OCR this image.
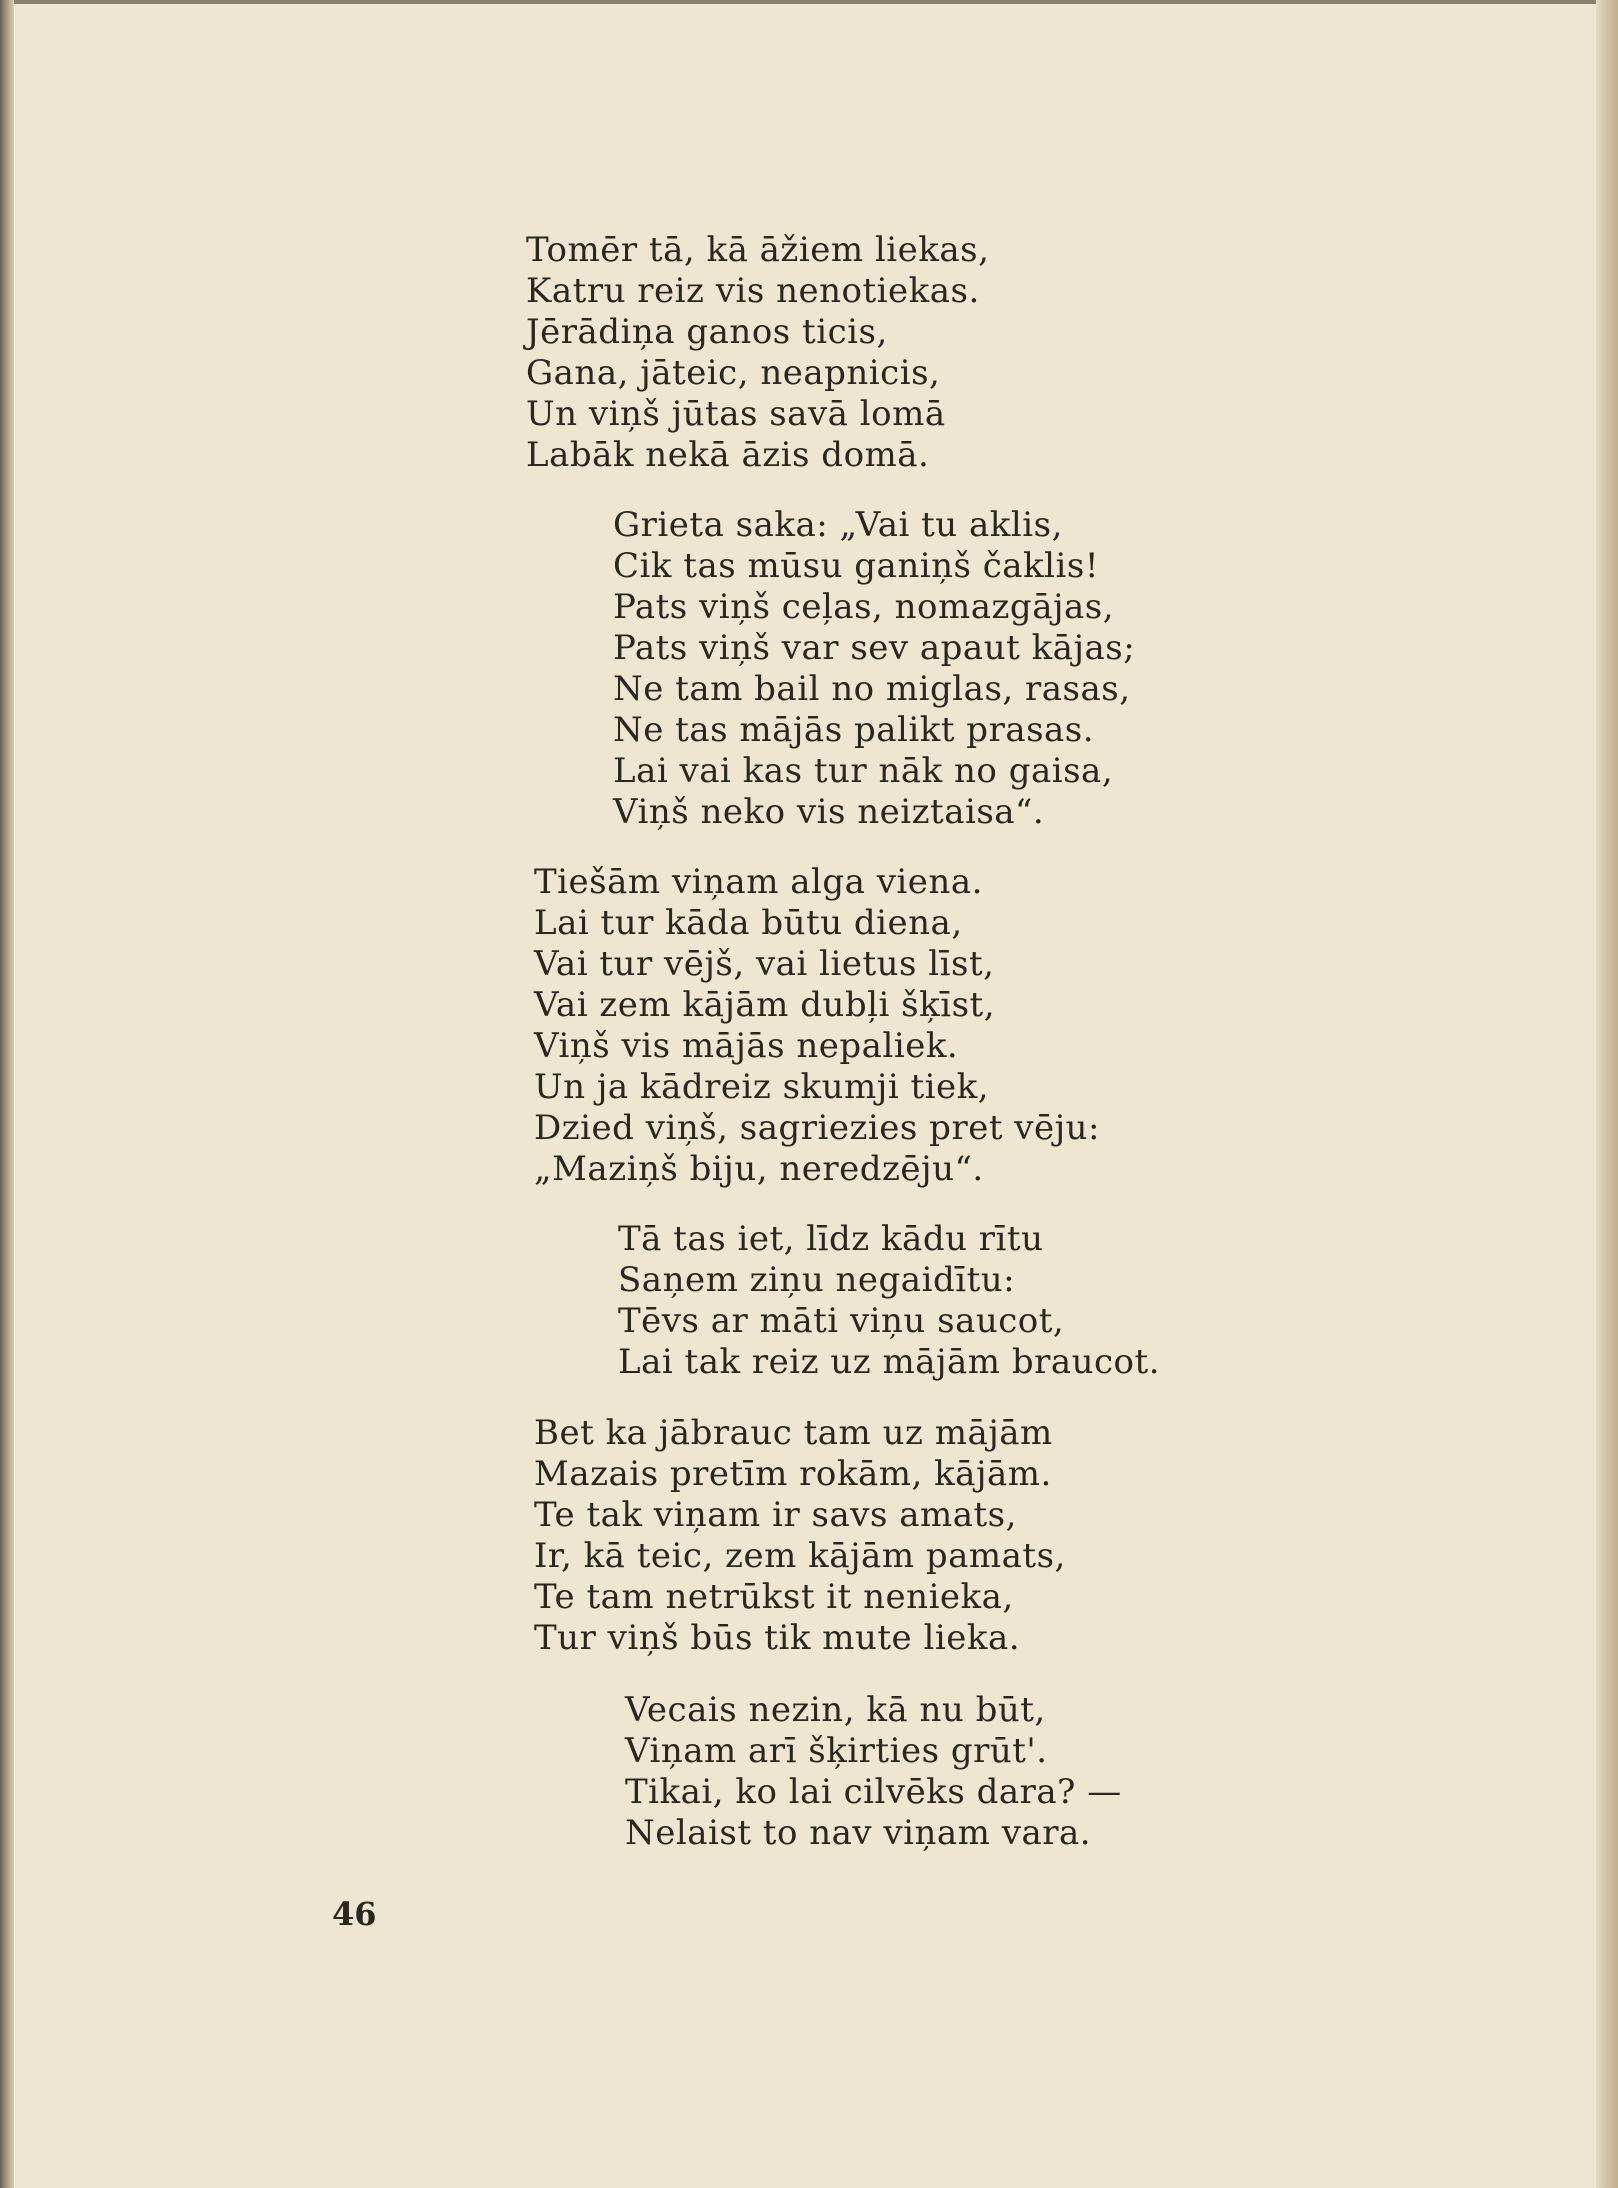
Tomēr tā, kā āžiem liekas,
Katru reiz vis nenotiekas.
Jērādiņa ganos ticis,
Gana, jāteic, neapnicis,
Un viņš jūtas savā lomā
Labāk nekā āzis domā.
Grieta saka: „Vai tu aklis,
Cik tas mūsu ganiņš čaklis!
Pats viņš ceļas, nomazgājas,
Pats viņš var sev apaut kājas;
Ne tam bail no miglas, rasas,
Ne tas mājās palikt prasas.
Lai vai kas tur nāk no gaisa,
Viņš neko vis neiztaisa“.
Tiešām viņam alga viena.
Lai tur kāda būtu diena,
Vai tur vējš, vai lietus līst,
Vai zem kājām dubļi šķīst,
Viņš vis mājās nepaliek.
Un ja kādreiz skumji tiek,
Dzied viņš, sagriezies pret vēju:
„Maziņš biju, neredzēju“.
Tā tas iet, līdz kādu rītu
Saņem ziņu negaidītu:
Tēvs ar māti viņu saucot,
Lai tak reiz uz mājām braucot.
Bet ka jābrauc tam uz mājām
Mazais pretīm rokām, kājām.
Te tak viņam ir savs amats,
Ir, kā teic, zem kājām pamats,
Te tam netrūkst it nenieka,
Tur viņš būs tik mute lieka.
Vecais nezin, kā nu būt,
Viņam arī šķirties grūt'.
Tikai, ko lai cilvēks dara? —
Nelaist to nav viņam vara.
46
